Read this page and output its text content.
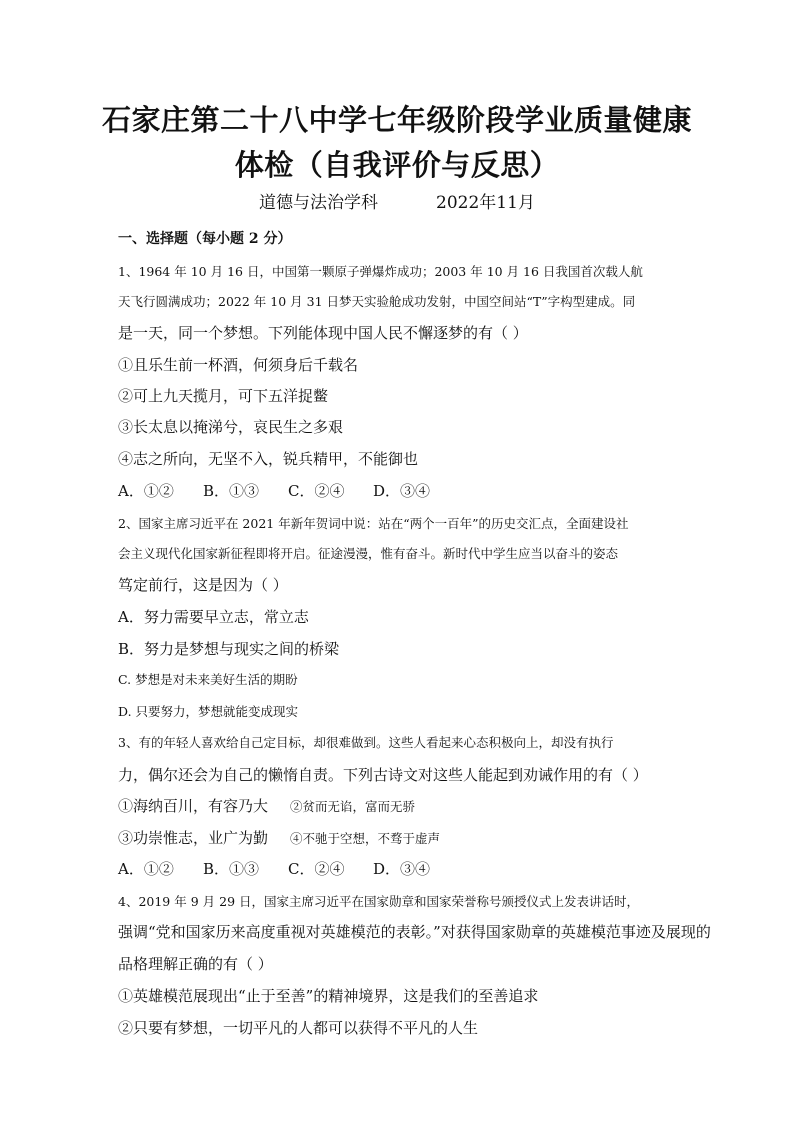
石家庄第二十八中学七年级阶段学业质量健康
体检（自我评价与反思）
道德与法治学科	2022年11月
一、选择题（每小题 2 分）
1、1964 年 10 月 16 日，中国第一颗原子弹爆炸成功；2003 年 10 月 16 日我国首次载人航
天飞行圆满成功；2022 年 10 月 31 日梦天实验舱成功发射，中国空间站“T”字构型建成。同
是一天，同一个梦想。下列能体现中国人民不懈逐梦的有（ ）
①且乐生前一杯酒，何须身后千载名
②可上九天揽月，可下五洋捉鳖
③长太息以掩涕兮，哀民生之多艰
④志之所向，无坚不入，锐兵精甲，不能御也
A．①② B．①③ C．②④ D．③④
2、国家主席习近平在 2021 年新年贺词中说：站在“两个一百年”的历史交汇点，全面建设社
会主义现代化国家新征程即将开启。征途漫漫，惟有奋斗。新时代中学生应当以奋斗的姿态
笃定前行，这是因为（ ）
A．努力需要早立志，常立志
B．努力是梦想与现实之间的桥梁
C. 梦想是对未来美好生活的期盼
D. 只要努力，梦想就能变成现实
3、有的年轻人喜欢给自己定目标，却很难做到。这些人看起来心态积极向上，却没有执行
力，偶尔还会为自己的懒惰自责。下列古诗文对这些人能起到劝诫作用的有（ ）
①海纳百川，有容乃大 ②贫而无谄，富而无骄
③功崇惟志，业广为勤 ④不驰于空想，不骛于虚声
A．①② B．①③ C．②④ D．③④
4、2019 年 9 月 29 日，国家主席习近平在国家勋章和国家荣誉称号颁授仪式上发表讲话时，
强调“党和国家历来高度重视对英雄模范的表彰。”对获得国家勋章的英雄模范事迹及展现的
品格理解正确的有（ ）
①英雄模范展现出“止于至善”的精神境界，这是我们的至善追求
②只要有梦想，一切平凡的人都可以获得不平凡的人生
